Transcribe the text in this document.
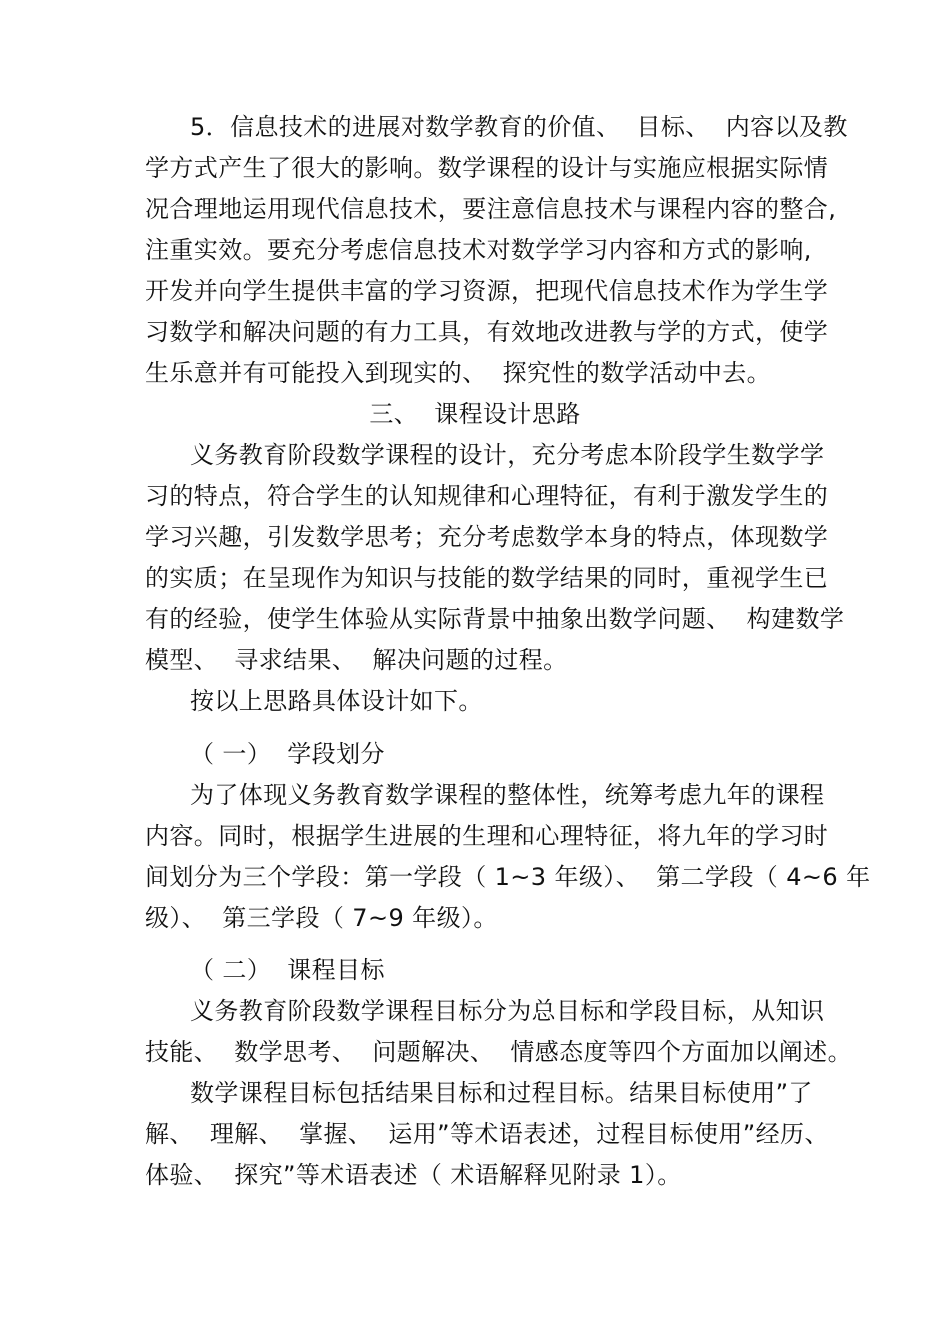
5．信息技术的进展对数学教育的价值、  目标、  内容以及教
学方式产生了很大的影响。数学课程的设计与实施应根据实际情
况合理地运用现代信息技术，要注意信息技术与课程内容的整合,
注重实效。要充分考虑信息技术对数学学习内容和方式的影响,
开发并向学生提供丰富的学习资源，把现代信息技术作为学生学
习数学和解决问题的有力工具，有效地改进教与学的方式，使学
生乐意并有可能投入到现实的、  探究性的数学活动中去。
三、  课程设计思路
义务教育阶段数学课程的设计，充分考虑本阶段学生数学学
习的特点，符合学生的认知规律和心理特征，有利于激发学生的
学习兴趣，引发数学思考；充分考虑数学本身的特点，体现数学
的实质；在呈现作为知识与技能的数学结果的同时，重视学生已
有的经验，使学生体验从实际背景中抽象出数学问题、  构建数学
模型、  寻求结果、  解决问题的过程。
按以上思路具体设计如下。
（ 一）  学段划分
为了体现义务教育数学课程的整体性，统筹考虑九年的课程
内容。同时，根据学生进展的生理和心理特征，将九年的学习时
间划分为三个学段：第一学段（ 1~3 年级）、  第二学段（ 4~6 年
级）、  第三学段（ 7~9 年级）。
（ 二）  课程目标
义务教育阶段数学课程目标分为总目标和学段目标，从知识
技能、  数学思考、  问题解决、  情感态度等四个方面加以阐述。
数学课程目标包括结果目标和过程目标。结果目标使用”了
解、  理解、  掌握、  运用”等术语表述，过程目标使用”经历、
体验、  探究”等术语表述（ 术语解释见附录 1）。
